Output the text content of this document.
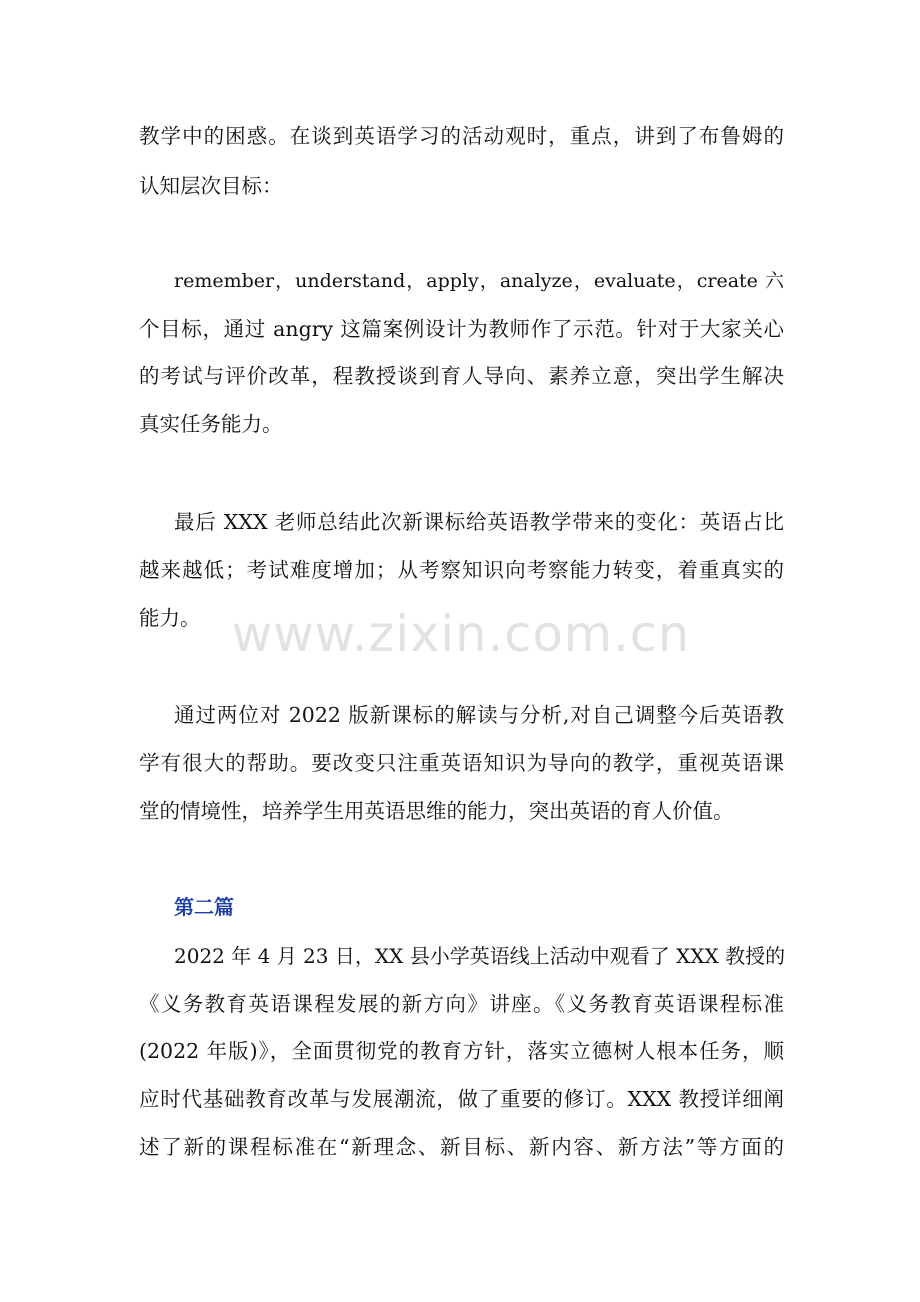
教学中的困惑。在谈到英语学习的活动观时，重点，讲到了布鲁姆的
认知层次目标：
remember，understand，apply，analyze，evaluate，create 六
个目标，通过 angry 这篇案例设计为教师作了示范。针对于大家关心
的考试与评价改革，程教授谈到育人导向、素养立意，突出学生解决
真实任务能力。
最后 XXX 老师总结此次新课标给英语教学带来的变化：英语占比
越来越低；考试难度增加；从考察知识向考察能力转变，着重真实的
能力。 www.zixin.com.cn
通过两位对 2022 版新课标的解读与分析,对自己调整今后英语教
学有很大的帮助。要改变只注重英语知识为导向的教学，重视英语课
堂的情境性，培养学生用英语思维的能力，突出英语的育人价值。
第二篇
2022 年 4 月 23 日，XX 县小学英语线上活动中观看了 XXX 教授的
《义务教育英语课程发展的新方向》讲座。《义务教育英语课程标准
(2022 年版)》，全面贯彻党的教育方针，落实立德树人根本任务，顺
应时代基础教育改革与发展潮流，做了重要的修订。XXX 教授详细阐
述了新的课程标准在“新理念、新目标、新内容、新方法”等方面的
